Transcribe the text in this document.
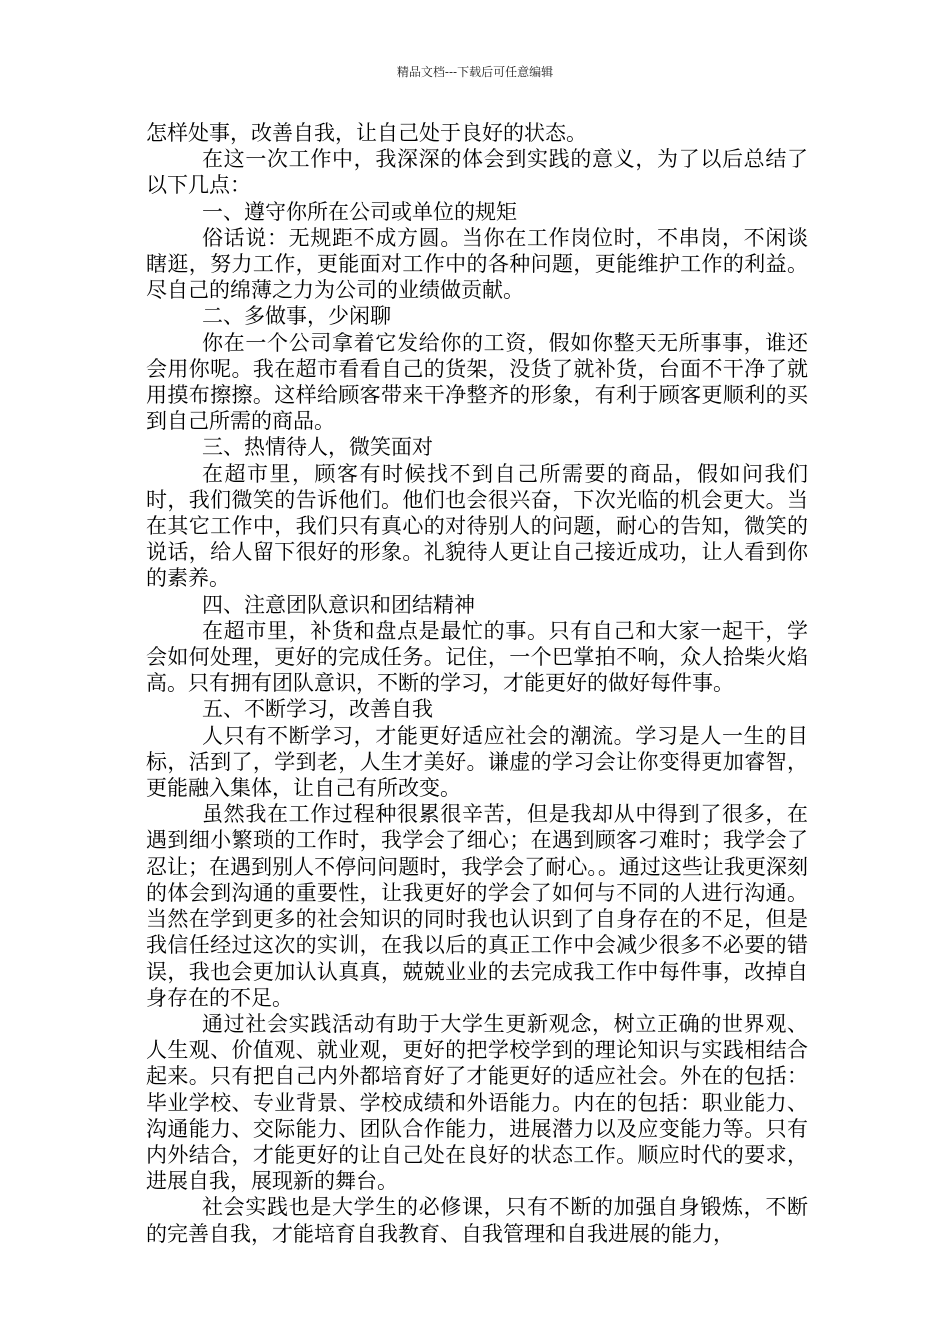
精品文档---下载后可任意编辑

怎样处事，改善自我，让自己处于良好的状态。

在这一次工作中，我深深的体会到实践的意义，为了以后总结了以下几点：

一、遵守你所在公司或单位的规矩

俗话说：无规距不成方圆。当你在工作岗位时，不串岗，不闲谈瞎逛，努力工作，更能面对工作中的各种问题，更能维护工作的利益。尽自己的绵薄之力为公司的业绩做贡献。

二、多做事，少闲聊

你在一个公司拿着它发给你的工资，假如你整天无所事事，谁还会用你呢。我在超市看看自己的货架，没货了就补货，台面不干净了就用摸布擦擦。这样给顾客带来干净整齐的形象，有利于顾客更顺利的买到自己所需的商品。

三、热情待人，微笑面对

在超市里，顾客有时候找不到自己所需要的商品，假如问我们时，我们微笑的告诉他们。他们也会很兴奋，下次光临的机会更大。当在其它工作中，我们只有真心的对待别人的问题，耐心的告知，微笑的说话，给人留下很好的形象。礼貌待人更让自己接近成功，让人看到你的素养。

四、注意团队意识和团结精神

在超市里，补货和盘点是最忙的事。只有自己和大家一起干，学会如何处理，更好的完成任务。记住，一个巴掌拍不响，众人拾柴火焰高。只有拥有团队意识，不断的学习，才能更好的做好每件事。

五、不断学习，改善自我

人只有不断学习，才能更好适应社会的潮流。学习是人一生的目标，活到了，学到老，人生才美好。谦虚的学习会让你变得更加睿智，更能融入集体，让自己有所改变。

虽然我在工作过程种很累很辛苦，但是我却从中得到了很多，在遇到细小繁琐的工作时，我学会了细心；在遇到顾客刁难时；我学会了忍让；在遇到别人不停问问题时，我学会了耐心。。通过这些让我更深刻的体会到沟通的重要性，让我更好的学会了如何与不同的人进行沟通。当然在学到更多的社会知识的同时我也认识到了自身存在的不足，但是我信任经过这次的实训，在我以后的真正工作中会减少很多不必要的错误，我也会更加认认真真，兢兢业业的去完成我工作中每件事，改掉自身存在的不足。

通过社会实践活动有助于大学生更新观念，树立正确的世界观、人生观、价值观、就业观，更好的把学校学到的理论知识与实践相结合起来。只有把自己内外都培育好了才能更好的适应社会。外在的包括：毕业学校、专业背景、学校成绩和外语能力。内在的包括：职业能力、沟通能力、交际能力、团队合作能力，进展潜力以及应变能力等。只有内外结合，才能更好的让自己处在良好的状态工作。顺应时代的要求，进展自我，展现新的舞台。

社会实践也是大学生的必修课，只有不断的加强自身锻炼，不断的完善自我，才能培育自我教育、自我管理和自我进展的能力，
